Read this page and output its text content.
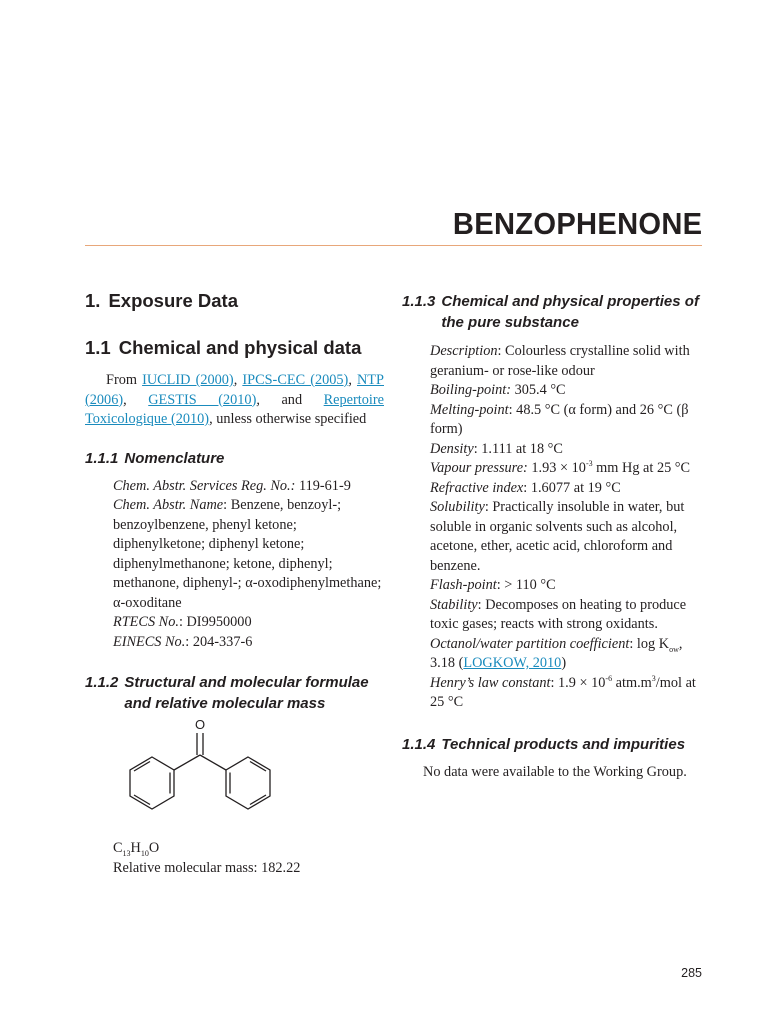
BENZOPHENONE
1. Exposure Data
1.1 Chemical and physical data

From IUCLID (2000), IPCS-CEC (2005), NTP (2006), GESTIS (2010), and Repertoire Toxicologique (2010), unless otherwise specified

1.1.1 Nomenclature
Chem. Abstr. Services Reg. No.: 119-61-9
Chem. Abstr. Name: Benzene, benzoyl-; benzoylbenzene, phenyl ketone; diphenylketone; diphenyl ketone; diphenylmethanone; ketone, diphenyl; methanone, diphenyl-; α-oxodiphenylmethane; α-oxoditane
RTECS No.: DI9950000
EINECS No.: 204-337-6
1.1.2 Structural and molecular formulae and relative molecular mass
O
$C_{13}H_{10}O$
Relative molecular mass: 182.22
1.1.3 Chemical and physical properties of the pure substance
Description: Colourless crystalline solid with geranium- or rose-like odour
Boiling-point: 305.4 °C
Melting-point: 48.5 °C (α form) and 26 °C (β form)
Density: 1.111 at 18 °C
Vapour pressure: $1.93 \times 10^{-3}$ mm Hg at 25 °C
Refractive index: 1.6077 at 19 °C
Solubility: Practically insoluble in water, but soluble in organic solvents such as alcohol, acetone, ether, acetic acid, chloroform and benzene.
Flash-point: > 110 °C
Stability: Decomposes on heating to produce toxic gases; reacts with strong oxidants.
Octanol/water partition coefficient: $\log K_{ow}$, 3.18 (LOGKOW, 2010)
Henry’s law constant: $1.9 \times 10^{-6}$ $atm.m^3$/mol at 25 °C
1.1.4 Technical products and impurities

No data were available to the Working Group.

285
